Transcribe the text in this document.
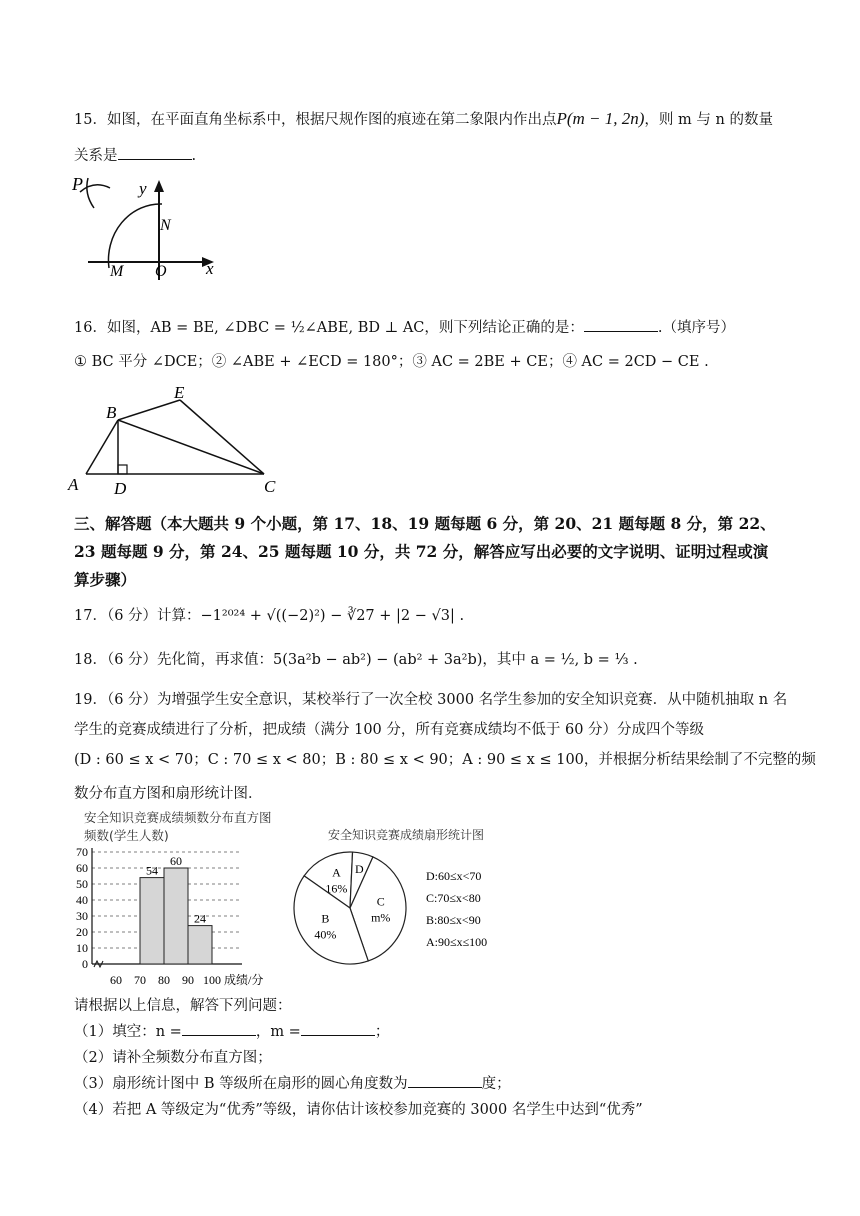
15．如图，在平面直角坐标系中，根据尺规作图的痕迹在第二象限内作出点P(m − 1, 2n)，则 m 与 n 的数量
关系是	.
P	y
N
M O x
16．如图，AB = BE, ∠DBC = ½∠ABE, BD ⊥ AC，则下列结论正确的是：	.（填序号）
① BC 平分 ∠DCE；② ∠ABE + ∠ECD = 180°；③ AC = 2BE + CE；④ AC = 2CD − CE .
A
B
E
C
D
三、解答题（本大题共 9 个小题，第 17、18、19 题每题 6 分，第 20、21 题每题 8 分，第 22、
23 题每题 9 分，第 24、25 题每题 10 分，共 72 分，解答应写出必要的文字说明、证明过程或演
算步骤）
17．（6 分）计算：−1²⁰²⁴ + √((−2)²) − ∛27 + |2 − √3| .
18．（6 分）先化简，再求值：5(3a²b − ab²) − (ab² + 3a²b)，其中 a = ½, b = ⅓ .
19．（6 分）为增强学生安全意识，某校举行了一次全校 3000 名学生参加的安全知识竞赛．从中随机抽取 n 名
学生的竞赛成绩进行了分析，把成绩（满分 100 分，所有竞赛成绩均不低于 60 分）分成四个等级
(D : 60 ≤ x < 70；C : 70 ≤ x < 80；B : 80 ≤ x < 90；A : 90 ≤ x ≤ 100，并根据分析结果绘制了不完整的频
数分布直方图和扇形统计图．
安全知识竞赛成绩频数分布直方图
频数(学生人数)
0
10
20
30
40
50
60
70
60 70 80 90 100 成绩/分
54
60
24
安全知识竞赛成绩扇形统计图
A
16%
D
C
m%
B
40%
D:60≤x<70
C:70≤x<80
B:80≤x<90
A:90≤x≤100
请根据以上信息，解答下列问题：
（1）填空：n =	，m =	；
（2）请补全频数分布直方图；
（3）扇形统计图中 B 等级所在扇形的圆心角度数为	度；
（4）若把 A 等级定为“优秀”等级，请你估计该校参加竞赛的 3000 名学生中达到“优秀”
